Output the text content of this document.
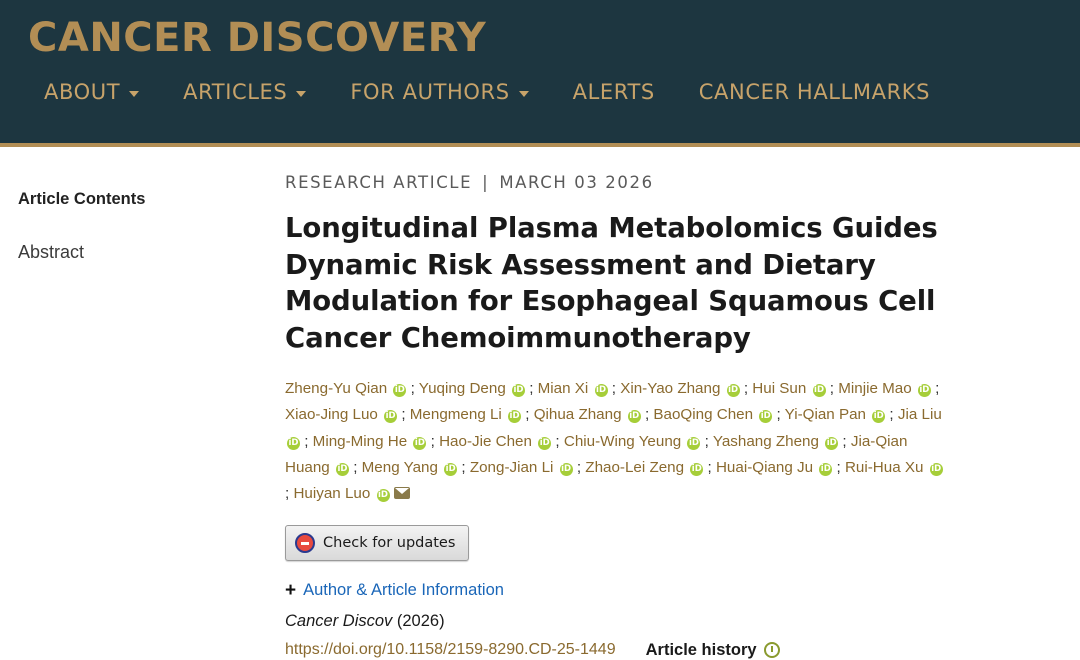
CANCER DISCOVERY
ABOUT	ARTICLES	FOR AUTHORS	ALERTS CANCER HALLMARKS
Article Contents
Abstract
RESEARCH ARTICLE | MARCH 03 2026
Longitudinal Plasma Metabolomics Guides Dynamic Risk Assessment and Dietary Modulation for Esophageal Squamous Cell Cancer Chemoimmunotherapy
Zheng-Yu Qian iD ; Yuqing Deng iD ; Mian Xi iD ; Xin-Yao Zhang iD ; Hui Sun iD ; Minjie Mao iD ; Xiao-Jing Luo iD ; Mengmeng Li iD ; Qihua Zhang iD ; BaoQing Chen iD ; Yi-Qian Pan iD ; Jia Liu iD ; Ming-Ming He iD ; Hao-Jie Chen iD ; Chiu-Wing Yeung iD ; Yashang Zheng iD ; Jia-Qian Huang iD ; Meng Yang iD ; Zong-Jian Li iD ; Zhao-Lei Zeng iD ; Huai-Qiang Ju iD ; Rui-Hua Xu iD ; Huiyan Luo iD
Check for updates
+ Author & Article Information
Cancer Discov (2026)
https://doi.org/10.1158/2159-8290.CD-25-1449 Article history
